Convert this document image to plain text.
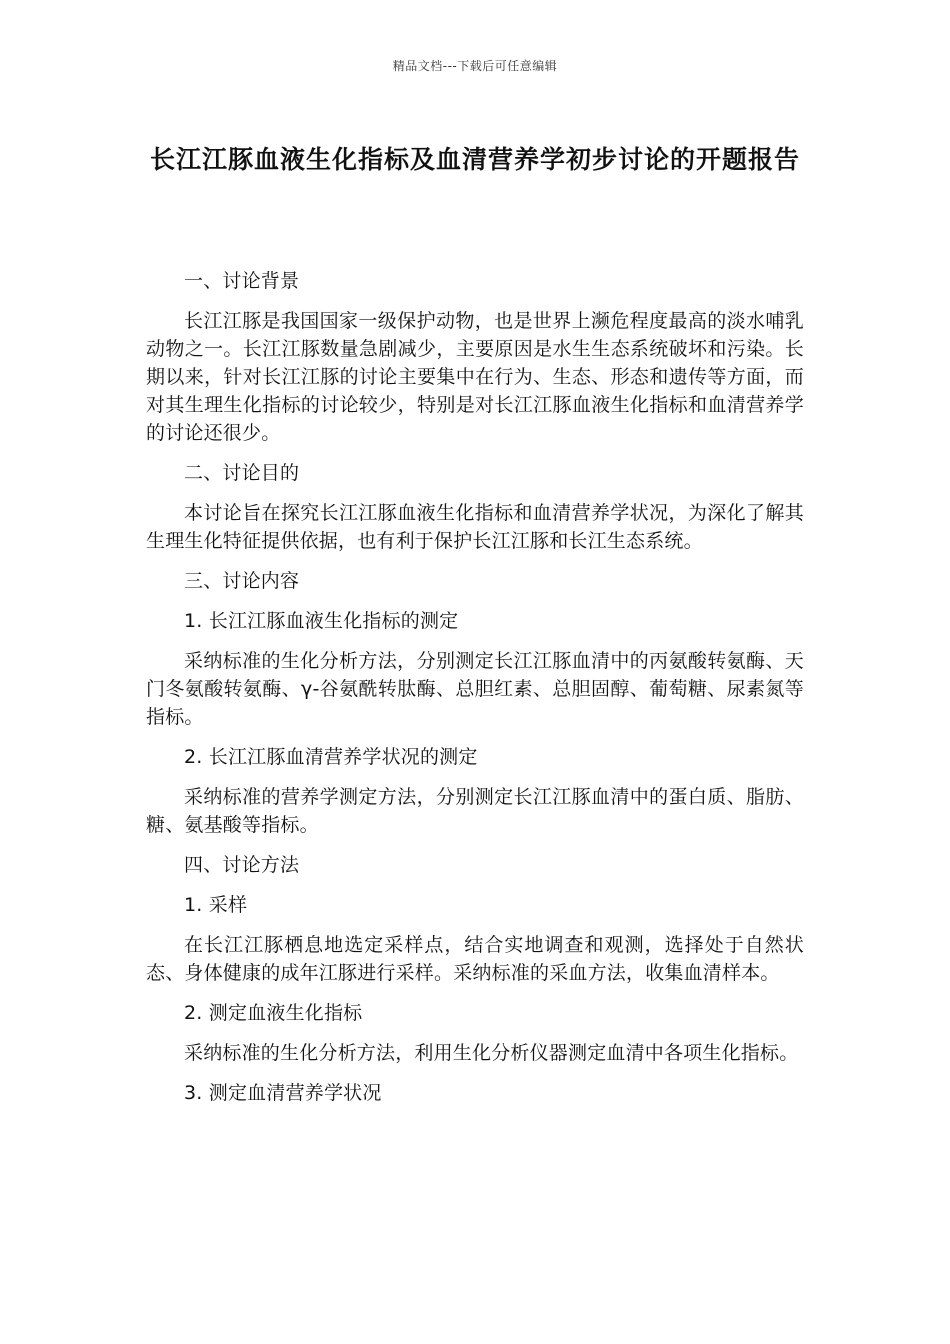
精品文档---下载后可任意编辑
长江江豚血液生化指标及血清营养学初步讨论的开题报告

一、讨论背景

长江江豚是我国国家一级保护动物，也是世界上濒危程度最高的淡水哺乳动物之一。长江江豚数量急剧减少，主要原因是水生生态系统破坏和污染。长期以来，针对长江江豚的讨论主要集中在行为、生态、形态和遗传等方面，而对其生理生化指标的讨论较少，特别是对长江江豚血液生化指标和血清营养学的讨论还很少。

二、讨论目的

本讨论旨在探究长江江豚血液生化指标和血清营养学状况，为深化了解其生理生化特征提供依据，也有利于保护长江江豚和长江生态系统。

三、讨论内容

1. 长江江豚血液生化指标的测定

采纳标准的生化分析方法，分别测定长江江豚血清中的丙氨酸转氨酶、天门冬氨酸转氨酶、γ-谷氨酰转肽酶、总胆红素、总胆固醇、葡萄糖、尿素氮等指标。

2. 长江江豚血清营养学状况的测定

采纳标准的营养学测定方法，分别测定长江江豚血清中的蛋白质、脂肪、糖、氨基酸等指标。

四、讨论方法

1. 采样

在长江江豚栖息地选定采样点，结合实地调查和观测，选择处于自然状态、身体健康的成年江豚进行采样。采纳标准的采血方法，收集血清样本。

2. 测定血液生化指标

采纳标准的生化分析方法，利用生化分析仪器测定血清中各项生化指标。

3. 测定血清营养学状况
